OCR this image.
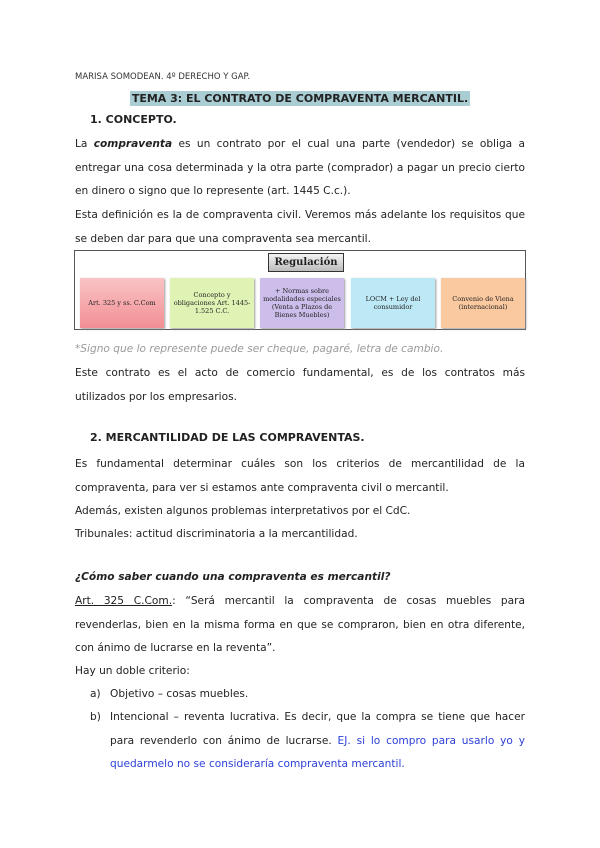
MARISA SOMODEAN. 4º DERECHO Y GAP.
TEMA 3: EL CONTRATO DE COMPRAVENTA MERCANTIL.
1. CONCEPTO.
La compraventa es un contrato por el cual una parte (vendedor) se obliga a entregar una cosa determinada y la otra parte (comprador) a pagar un precio cierto en dinero o signo que lo represente (art. 1445 C.c.).
Esta definición es la de compraventa civil. Veremos más adelante los requisitos que se deben dar para que una compraventa sea mercantil.
Regulación
Art. 325 y ss. C.Com
Concepto y obligaciones Art. 1445-1.525 C.C.
+ Normas sobre modalidades especiales (Venta a Plazos de Bienes Muebles)
LOCM + Ley del consumidor
Convenio de Viena (internacional)
*Signo que lo represente puede ser cheque, pagaré, letra de cambio.
Este contrato es el acto de comercio fundamental, es de los contratos más utilizados por los empresarios.
2. MERCANTILIDAD DE LAS COMPRAVENTAS.
Es fundamental determinar cuáles son los criterios de mercantilidad de la compraventa, para ver si estamos ante compraventa civil o mercantil.
Además, existen algunos problemas interpretativos por el CdC.
Tribunales: actitud discriminatoria a la mercantilidad.
¿Cómo saber cuando una compraventa es mercantil?
Art. 325 C.Com.: “Será mercantil la compraventa de cosas muebles para revenderlas, bien en la misma forma en que se compraron, bien en otra diferente, con ánimo de lucrarse en la reventa”.
Hay un doble criterio:
a) Objetivo – cosas muebles.
b) Intencional – reventa lucrativa. Es decir, que la compra se tiene que hacer para revenderlo con ánimo de lucrarse. EJ. si lo compro para usarlo yo y quedarmelo no se consideraría compraventa mercantil.
